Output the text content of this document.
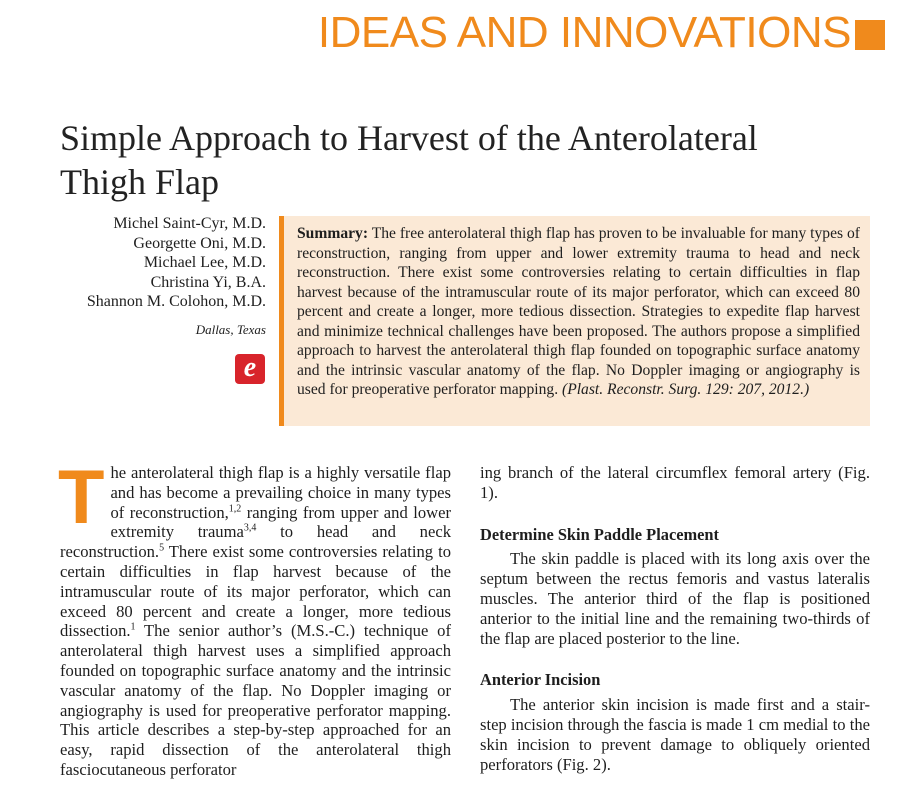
IDEAS AND INNOVATIONS
Simple Approach to Harvest of the Anterolateral Thigh Flap
Michel Saint-Cyr, M.D.
Georgette Oni, M.D.
Michael Lee, M.D.
Christina Yi, B.A.
Shannon M. Colohon, M.D.
Dallas, Texas
e
Summary: The free anterolateral thigh flap has proven to be invaluable for many types of reconstruction, ranging from upper and lower extremity trauma to head and neck reconstruction. There exist some controversies relating to certain difficulties in flap harvest because of the intramuscular route of its major perforator, which can exceed 80 percent and create a longer, more tedious dissection. Strategies to expedite flap harvest and minimize technical challenges have been proposed. The authors propose a simplified approach to harvest the anterolateral thigh flap founded on topographic surface anatomy and the intrinsic vascular anatomy of the flap. No Doppler imaging or angiography is used for preoperative perforator mapping. (Plast. Reconstr. Surg. 129: 207, 2012.)

The anterolateral thigh flap is a highly versatile flap and has become a prevailing choice in many types of reconstruction,$^{1,2}$ ranging from upper and lower extremity trauma$^{3,4}$ to head and neck reconstruction.$^5$ There exist some controversies relating to certain difficulties in flap harvest because of the intramuscular route of its major perforator, which can exceed 80 percent and create a longer, more tedious dissection.$^1$ The senior author’s (M.S.-C.) technique of anterolateral thigh harvest uses a simplified approach founded on topographic surface anatomy and the intrinsic vascular anatomy of the flap. No Doppler imaging or angiography is used for preoperative perforator mapping. This article describes a step-by-step approached for an easy, rapid dissection of the anterolateral thigh fasciocutaneous perforator

ing branch of the lateral circumflex femoral artery (Fig. 1).

Determine Skin Paddle Placement

The skin paddle is placed with its long axis over the septum between the rectus femoris and vastus lateralis muscles. The anterior third of the flap is positioned anterior to the initial line and the remaining two-thirds of the flap are placed posterior to the line.

Anterior Incision

The anterior skin incision is made first and a stair-step incision through the fascia is made 1 cm medial to the skin incision to prevent damage to obliquely oriented perforators (Fig. 2).
